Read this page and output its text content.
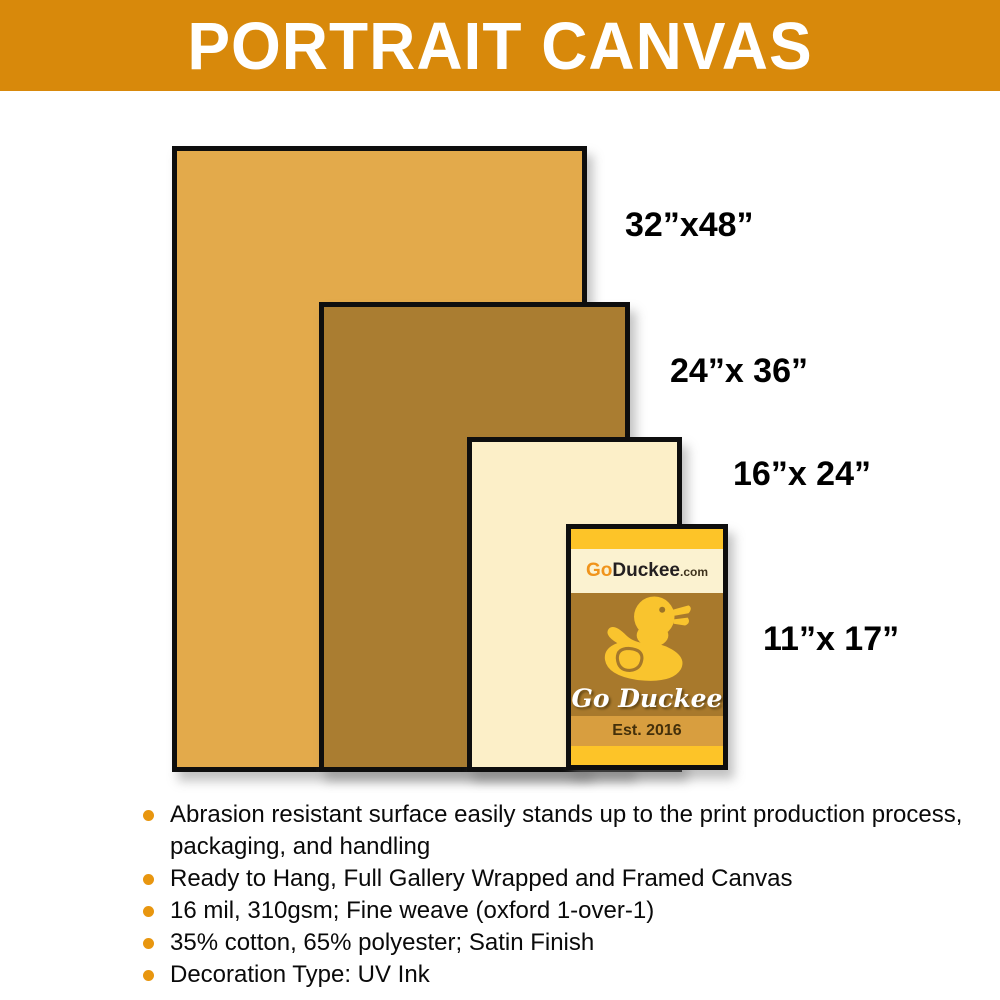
PORTRAIT CANVAS
GoDuckee.com
Go Duckee
Est. 2016
32”x48”
24”x 36”
16”x 24”
11”x 17”
Abrasion resistant surface easily stands up to the print production process, packaging, and handling
Ready to Hang, Full Gallery Wrapped and Framed Canvas
16 mil, 310gsm; Fine weave (oxford 1-over-1)
35% cotton, 65% polyester; Satin Finish
Decoration Type: UV Ink
